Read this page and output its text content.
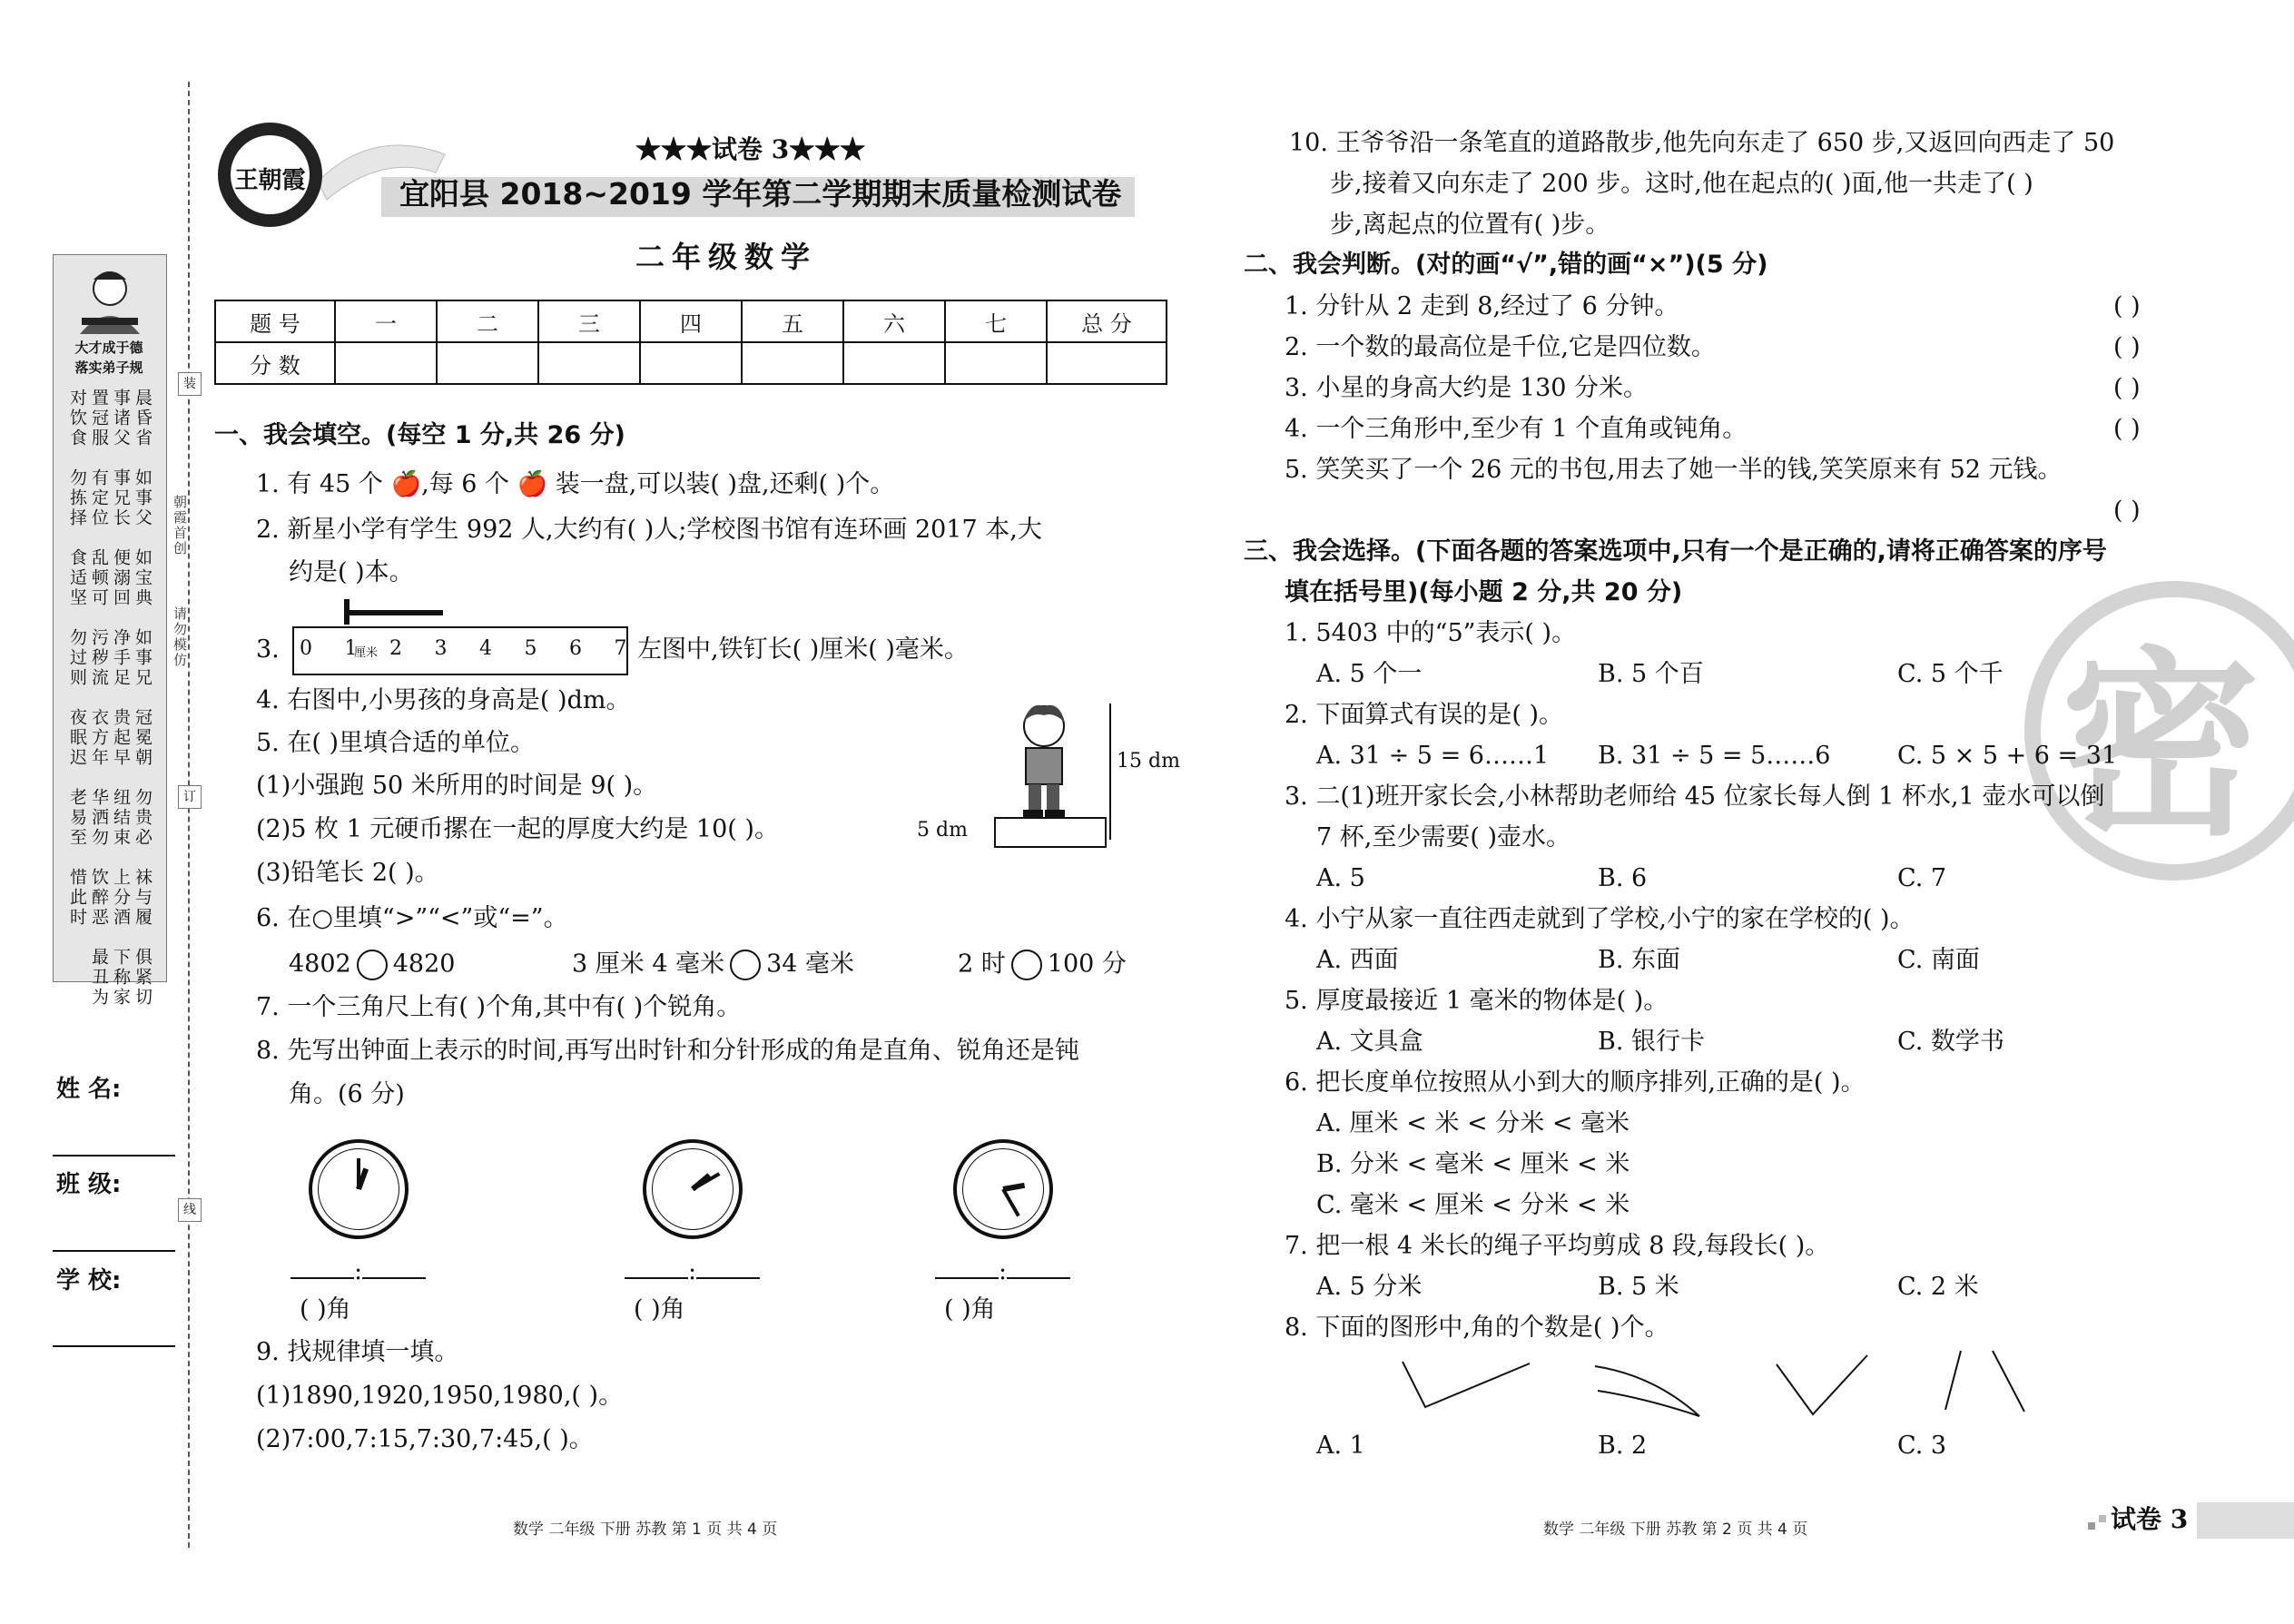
装
订
线
朝霞首创
请勿模仿
大才成于德
落实弟子规
晨昏省
事诸父
置冠服
对饮食
如事父
事兄长
有定位
勿拣择
如宝典
便溺回
乱顿可
食适坚
如事兄
净手足
污秽流
勿过则
冠冕朝
贵起早
衣方年
夜眠迟
勿贵必
纽结束
华洒勿
老易至
袜与履
上分酒
饮醉恶
惜此时
俱紧切
下称家
最丑为
姓 名:
班 级:
学 校:
王朝霞
★★★试卷 3★★★
宜阳县 2018~2019 学年第二学期期末质量检测试卷
二年级数学
题 号	一	二	三	四	五	六	七	总 分
分 数								
一、我会填空。(每空 1 分,共 26 分)
1. 有 45 个 🍎,每 6 个 🍎 装一盘,可以装( )盘,还剩( )个。
2. 新星小学有学生 992 人,大约有( )人;学校图书馆有连环画 2017 本,大
约是( )本。
3. 0 1 2 3 4 5 6 7
厘米	左图中,铁钉长( )厘米( )毫米。
4. 右图中,小男孩的身高是( )dm。
5. 在( )里填合适的单位。
(1)小强跑 50 米所用的时间是 9( )。
(2)5 枚 1 元硬币摞在一起的厚度大约是 10( )。
(3)铅笔长 2( )。
15 dm
5 dm
6. 在○里填“>”“<”或“=”。
4802 4820	3 厘米 4 毫米 34 毫米	2 时 100 分
7. 一个三角尺上有( )个角,其中有( )个锐角。
8. 先写出钟面上表示的时间,再写出时针和分针形成的角是直角、锐角还是钝
角。(6 分)
:	:	:
( )角	( )角	( )角
9. 找规律填一填。
(1)1890,1920,1950,1980,( )。
(2)7:00,7:15,7:30,7:45,( )。
数学 二年级 下册 苏教 第 1 页 共 4 页
密
10. 王爷爷沿一条笔直的道路散步,他先向东走了 650 步,又返回向西走了 50
步,接着又向东走了 200 步。这时,他在起点的( )面,他一共走了( )
步,离起点的位置有( )步。
二、我会判断。(对的画“√”,错的画“×”)(5 分)
1. 分针从 2 走到 8,经过了 6 分钟。
2. 一个数的最高位是千位,它是四位数。
3. 小星的身高大约是 130 分米。
4. 一个三角形中,至少有 1 个直角或钝角。
5. 笑笑买了一个 26 元的书包,用去了她一半的钱,笑笑原来有 52 元钱。
( )
( )
( )
( )
( )
三、我会选择。(下面各题的答案选项中,只有一个是正确的,请将正确答案的序号
填在括号里)(每小题 2 分,共 20 分)
1. 5403 中的“5”表示( )。
A. 5 个一	B. 5 个百	C. 5 个千
2. 下面算式有误的是( )。
A. 31 ÷ 5 = 6……1 B. 31 ÷ 5 = 5……6	C. 5 × 5 + 6 = 31
3. 二(1)班开家长会,小林帮助老师给 45 位家长每人倒 1 杯水,1 壶水可以倒
7 杯,至少需要( )壶水。
A. 5	B. 6	C. 7
4. 小宁从家一直往西走就到了学校,小宁的家在学校的( )。
A. 西面	B. 东面	C. 南面
5. 厚度最接近 1 毫米的物体是( )。
A. 文具盒	B. 银行卡	C. 数学书
6. 把长度单位按照从小到大的顺序排列,正确的是( )。
A. 厘米 < 米 < 分米 < 毫米
B. 分米 < 毫米 < 厘米 < 米
C. 毫米 < 厘米 < 分米 < 米
7. 把一根 4 米长的绳子平均剪成 8 段,每段长( )。
A. 5 分米	B. 5 米	C. 2 米
8. 下面的图形中,角的个数是( )个。
A. 1	B. 2	C. 3
数学 二年级 下册 苏教 第 2 页 共 4 页	试卷 3
